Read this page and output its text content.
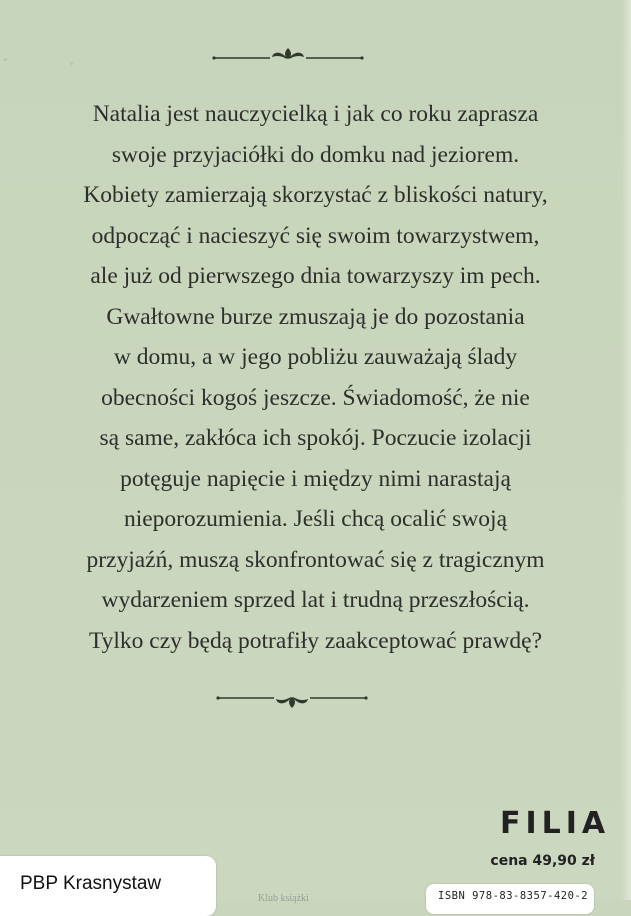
Natalia jest nauczycielką i jak co roku zaprasza
swoje przyjaciółki do domku nad jeziorem.
Kobiety zamierzają skorzystać z bliskości natury,
odpocząć i nacieszyć się swoim towarzystwem,
ale już od pierwszego dnia towarzyszy im pech.
Gwałtowne burze zmuszają je do pozostania
w domu, a w jego pobliżu zauważają ślady
obecności kogoś jeszcze. Świadomość, że nie
są same, zakłóca ich spokój. Poczucie izolacji
potęguje napięcie i między nimi narastają
nieporozumienia. Jeśli chcą ocalić swoją
przyjaźń, muszą skonfrontować się z tragicznym
wydarzeniem sprzed lat i trudną przeszłością.
Tylko czy będą potrafiły zaakceptować prawdę?
FILIA
cena 49,90 zł
Klub książki
PBP Krasnystaw
ISBN 978-83-8357-420-2
